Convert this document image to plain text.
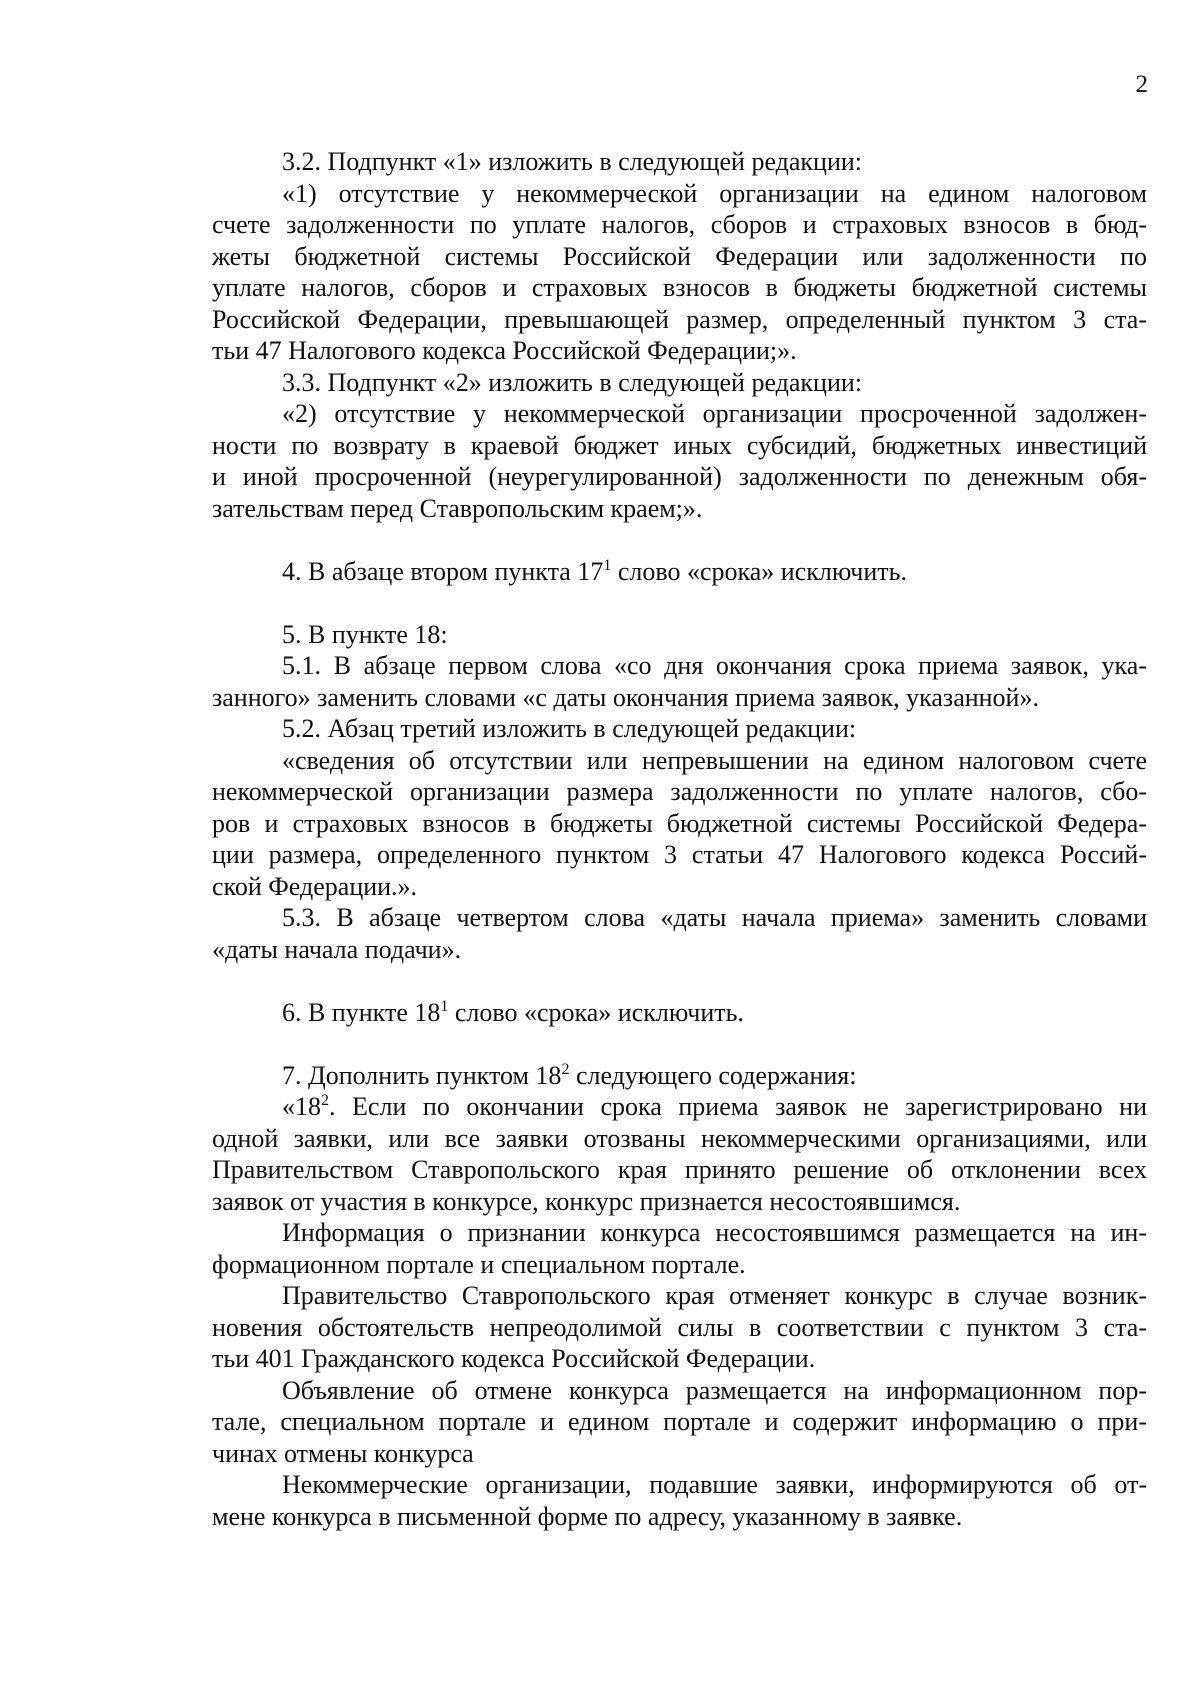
2
3.2. Подпункт «1» изложить в следующей редакции:
«1) отсутствие у некоммерческой организации на едином налоговом
счете задолженности по уплате налогов, сборов и страховых взносов в бюд-
жеты бюджетной системы Российской Федерации или задолженности по
уплате налогов, сборов и страховых взносов в бюджеты бюджетной системы
Российской Федерации, превышающей размер, определенный пунктом 3 ста-
тьи 47 Налогового кодекса Российской Федерации;».
3.3. Подпункт «2» изложить в следующей редакции:
«2) отсутствие у некоммерческой организации просроченной задолжен-
ности по возврату в краевой бюджет иных субсидий, бюджетных инвестиций
и иной просроченной (неурегулированной) задолженности по денежным обя-
зательствам перед Ставропольским краем;».
4. В абзаце втором пункта $17^1$ слово «срока» исключить.
5. В пункте 18:
5.1. В абзаце первом слова «со дня окончания срока приема заявок, ука-
занного» заменить словами «с даты окончания приема заявок, указанной».
5.2. Абзац третий изложить в следующей редакции:
«сведения об отсутствии или непревышении на едином налоговом счете
некоммерческой организации размера задолженности по уплате налогов, сбо-
ров и страховых взносов в бюджеты бюджетной системы Российской Федера-
ции размера, определенного пунктом 3 статьи 47 Налогового кодекса Россий-
ской Федерации.».
5.3. В абзаце четвертом слова «даты начала приема» заменить словами
«даты начала подачи».
6. В пункте $18^1$ слово «срока» исключить.
7. Дополнить пунктом $18^2$ следующего содержания:
«$18^2$. Если по окончании срока приема заявок не зарегистрировано ни
одной заявки, или все заявки отозваны некоммерческими организациями, или
Правительством Ставропольского края принято решение об отклонении всех
заявок от участия в конкурсе, конкурс признается несостоявшимся.
Информация о признании конкурса несостоявшимся размещается на ин-
формационном портале и специальном портале.
Правительство Ставропольского края отменяет конкурс в случае возник-
новения обстоятельств непреодолимой силы в соответствии с пунктом 3 ста-
тьи 401 Гражданского кодекса Российской Федерации.
Объявление об отмене конкурса размещается на информационном пор-
тале, специальном портале и едином портале и содержит информацию о при-
чинах отмены конкурса
Некоммерческие организации, подавшие заявки, информируются об от-
мене конкурса в письменной форме по адресу, указанному в заявке.
